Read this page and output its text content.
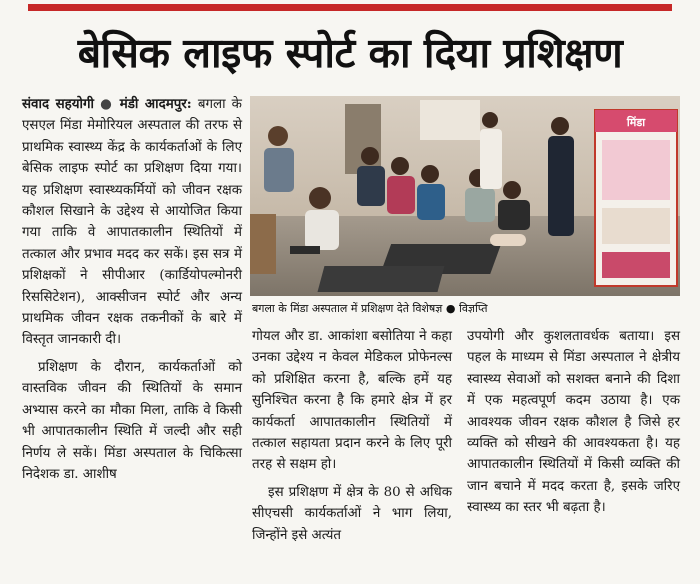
बेसिक लाइफ स्पोर्ट का दिया प्रशिक्षण

संवाद सहयोगी ● मंडी आदमपुर: बगला के एसएल मिंडा मेमोरियल अस्पताल की तरफ से प्राथमिक स्वास्थ्य केंद्र के कार्यकर्ताओं के लिए बेसिक लाइफ स्पोर्ट का प्रशिक्षण दिया गया। यह प्रशिक्षण स्वास्थ्यकर्मियों को जीवन रक्षक कौशल सिखाने के उद्देश्य से आयोजित किया गया ताकि वे आपातकालीन स्थितियों में तत्काल और प्रभाव मदद कर सकें। इस सत्र में प्रशिक्षकों ने सीपीआर (कार्डियोपल्मोनरी रिससिटेशन), आक्सीजन स्पोर्ट और अन्य प्राथमिक जीवन रक्षक तकनीकों के बारे में विस्तृत जानकारी दी।

प्रशिक्षण के दौरान, कार्यकर्ताओं को वास्तविक जीवन की स्थितियों के समान अभ्यास करने का मौका मिला, ताकि वे किसी भी आपातकालीन स्थिति में जल्दी और सही निर्णय ले सकें। मिंडा अस्पताल के चिकित्सा निदेशक डा. आशीष

मिंडा
बगला के मिंडा अस्पताल में प्रशिक्षण देते विशेषज्ञ ● विज्ञप्ति

गोयल और डा. आकांशा बसोतिया ने कहा उनका उद्देश्य न केवल मेडिकल प्रोफेनल्स को प्रशिक्षित करना है, बल्कि हमें यह सुनिश्चित करना है कि हमारे क्षेत्र में हर कार्यकर्ता आपातकालीन स्थितियों में तत्काल सहायता प्रदान करने के लिए पूरी तरह से सक्षम हो।

इस प्रशिक्षण में क्षेत्र के 80 से अधिक सीएचसी कार्यकर्ताओं ने भाग लिया, जिन्होंने इसे अत्यंत

उपयोगी और कुशलतावर्धक बताया। इस पहल के माध्यम से मिंडा अस्पताल ने क्षेत्रीय स्वास्थ्य सेवाओं को सशक्त बनाने की दिशा में एक महत्वपूर्ण कदम उठाया है। एक आवश्यक जीवन रक्षक कौशल है जिसे हर व्यक्ति को सीखने की आवश्यकता है। यह आपातकालीन स्थितियों में किसी व्यक्ति की जान बचाने में मदद करता है, इसके जरिए स्वास्थ्य का स्तर भी बढ़ता है।
